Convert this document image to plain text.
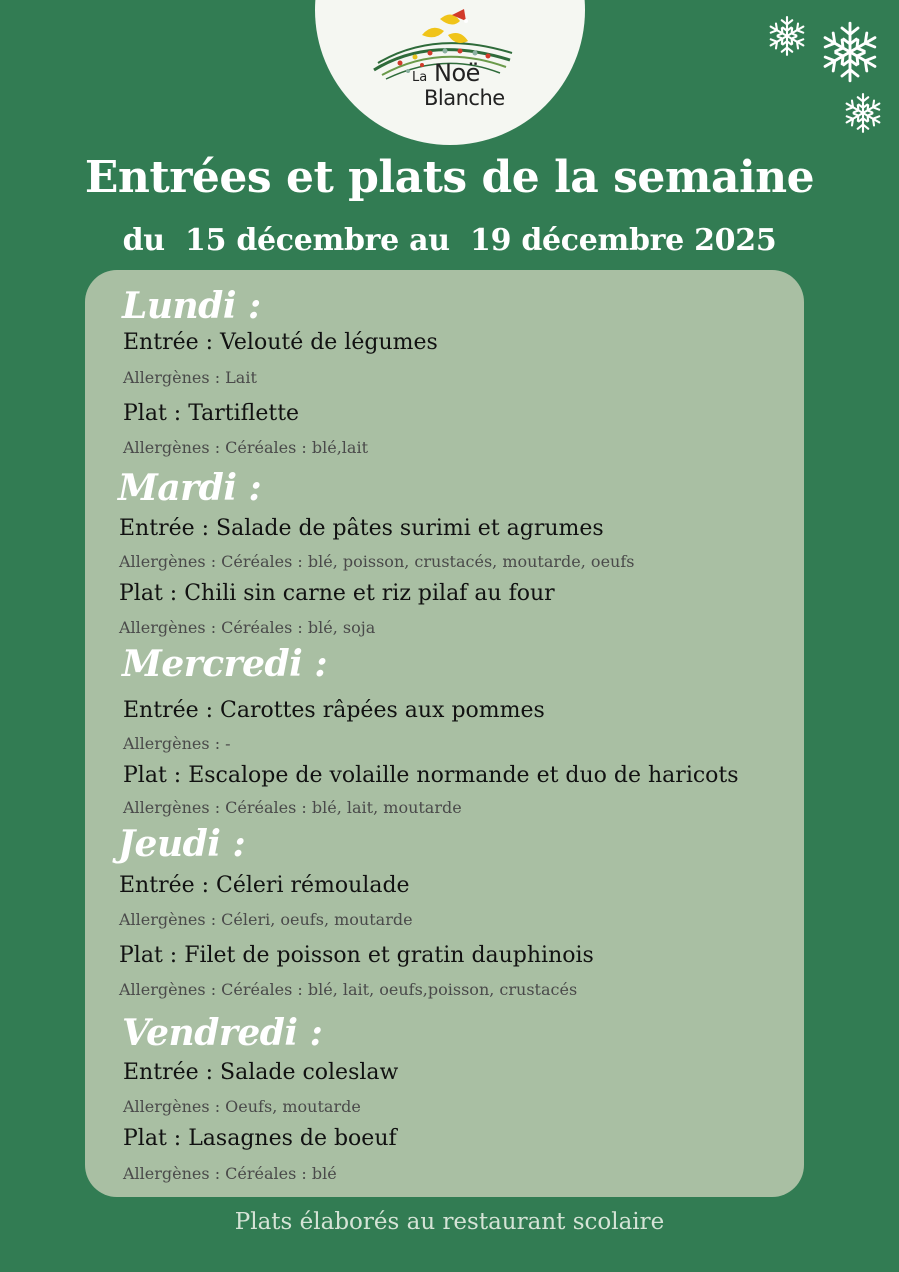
La Noë
Blanche
Entrées et plats de la semaine
du  15 décembre au  19 décembre 2025
Lundi :
Entrée : Velouté de légumes
Allergènes : Lait
Plat : Tartiflette
Allergènes : Céréales : blé,lait
Mardi :
Entrée : Salade de pâtes surimi et agrumes
Allergènes : Céréales : blé, poisson, crustacés, moutarde, oeufs
Plat : Chili sin carne et riz pilaf au four
Allergènes : Céréales : blé, soja
Mercredi :
Entrée : Carottes râpées aux pommes
Allergènes : -
Plat : Escalope de volaille normande et duo de haricots
Allergènes : Céréales : blé, lait, moutarde
Jeudi :
Entrée : Céleri rémoulade
Allergènes : Céleri, oeufs, moutarde
Plat : Filet de poisson et gratin dauphinois
Allergènes : Céréales : blé, lait, oeufs,poisson, crustacés
Vendredi :
Entrée : Salade coleslaw
Allergènes : Oeufs, moutarde
Plat : Lasagnes de boeuf
Allergènes : Céréales : blé
Plats élaborés au restaurant scolaire
